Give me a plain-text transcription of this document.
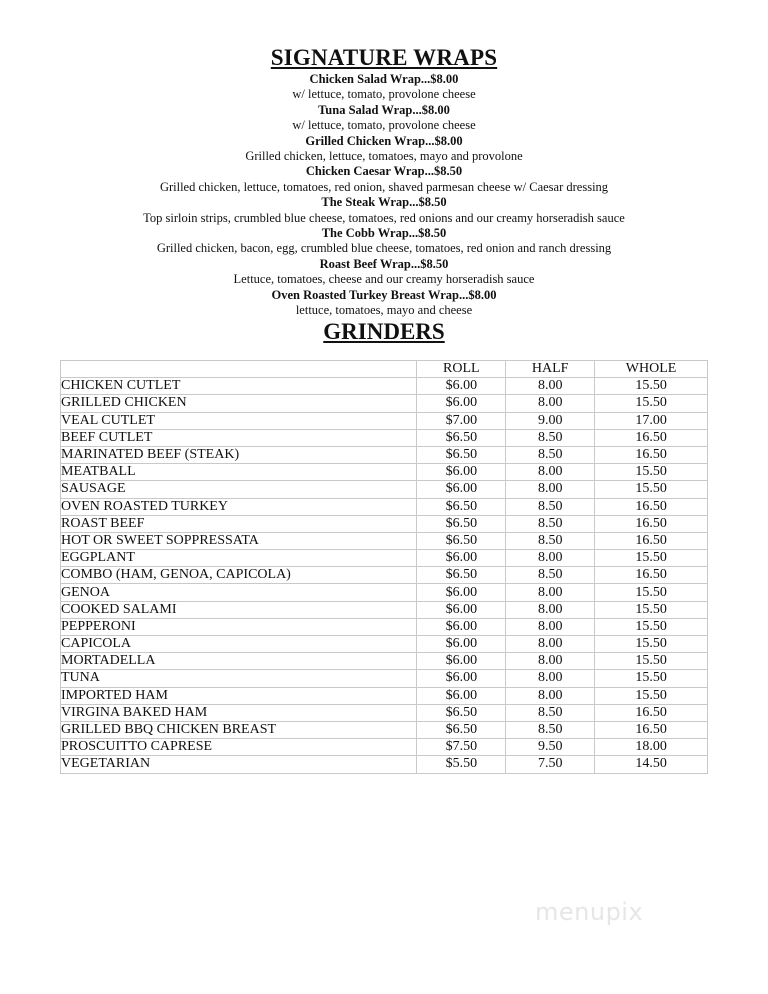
SIGNATURE WRAPS
Chicken Salad Wrap...$8.00
w/ lettuce, tomato, provolone cheese
Tuna Salad Wrap...$8.00
w/ lettuce, tomato, provolone cheese
Grilled Chicken Wrap...$8.00
Grilled chicken, lettuce, tomatoes, mayo and provolone
Chicken Caesar Wrap...$8.50
Grilled chicken, lettuce, tomatoes, red onion, shaved parmesan cheese w/ Caesar dressing
The Steak Wrap...$8.50
Top sirloin strips, crumbled blue cheese, tomatoes, red onions and our creamy horseradish sauce
The Cobb Wrap...$8.50
Grilled chicken, bacon, egg, crumbled blue cheese, tomatoes, red onion and ranch dressing
Roast Beef Wrap...$8.50
Lettuce, tomatoes, cheese and our creamy horseradish sauce
Oven Roasted Turkey Breast Wrap...$8.00
lettuce, tomatoes, mayo and cheese
GRINDERS
	ROLL	HALF	WHOLE
CHICKEN CUTLET	$6.00	8.00	15.50
GRILLED CHICKEN	$6.00	8.00	15.50
VEAL CUTLET	$7.00	9.00	17.00
BEEF CUTLET	$6.50	8.50	16.50
MARINATED BEEF (STEAK)	$6.50	8.50	16.50
MEATBALL	$6.00	8.00	15.50
SAUSAGE	$6.00	8.00	15.50
OVEN ROASTED TURKEY	$6.50	8.50	16.50
ROAST BEEF	$6.50	8.50	16.50
HOT OR SWEET SOPPRESSATA	$6.50	8.50	16.50
EGGPLANT	$6.00	8.00	15.50
COMBO (HAM, GENOA, CAPICOLA)	$6.50	8.50	16.50
GENOA	$6.00	8.00	15.50
COOKED SALAMI	$6.00	8.00	15.50
PEPPERONI	$6.00	8.00	15.50
CAPICOLA	$6.00	8.00	15.50
MORTADELLA	$6.00	8.00	15.50
TUNA	$6.00	8.00	15.50
IMPORTED HAM	$6.00	8.00	15.50
VIRGINA BAKED HAM	$6.50	8.50	16.50
GRILLED BBQ CHICKEN BREAST	$6.50	8.50	16.50
PROSCUITTO CAPRESE	$7.50	9.50	18.00
VEGETARIAN	$5.50	7.50	14.50
menupix
